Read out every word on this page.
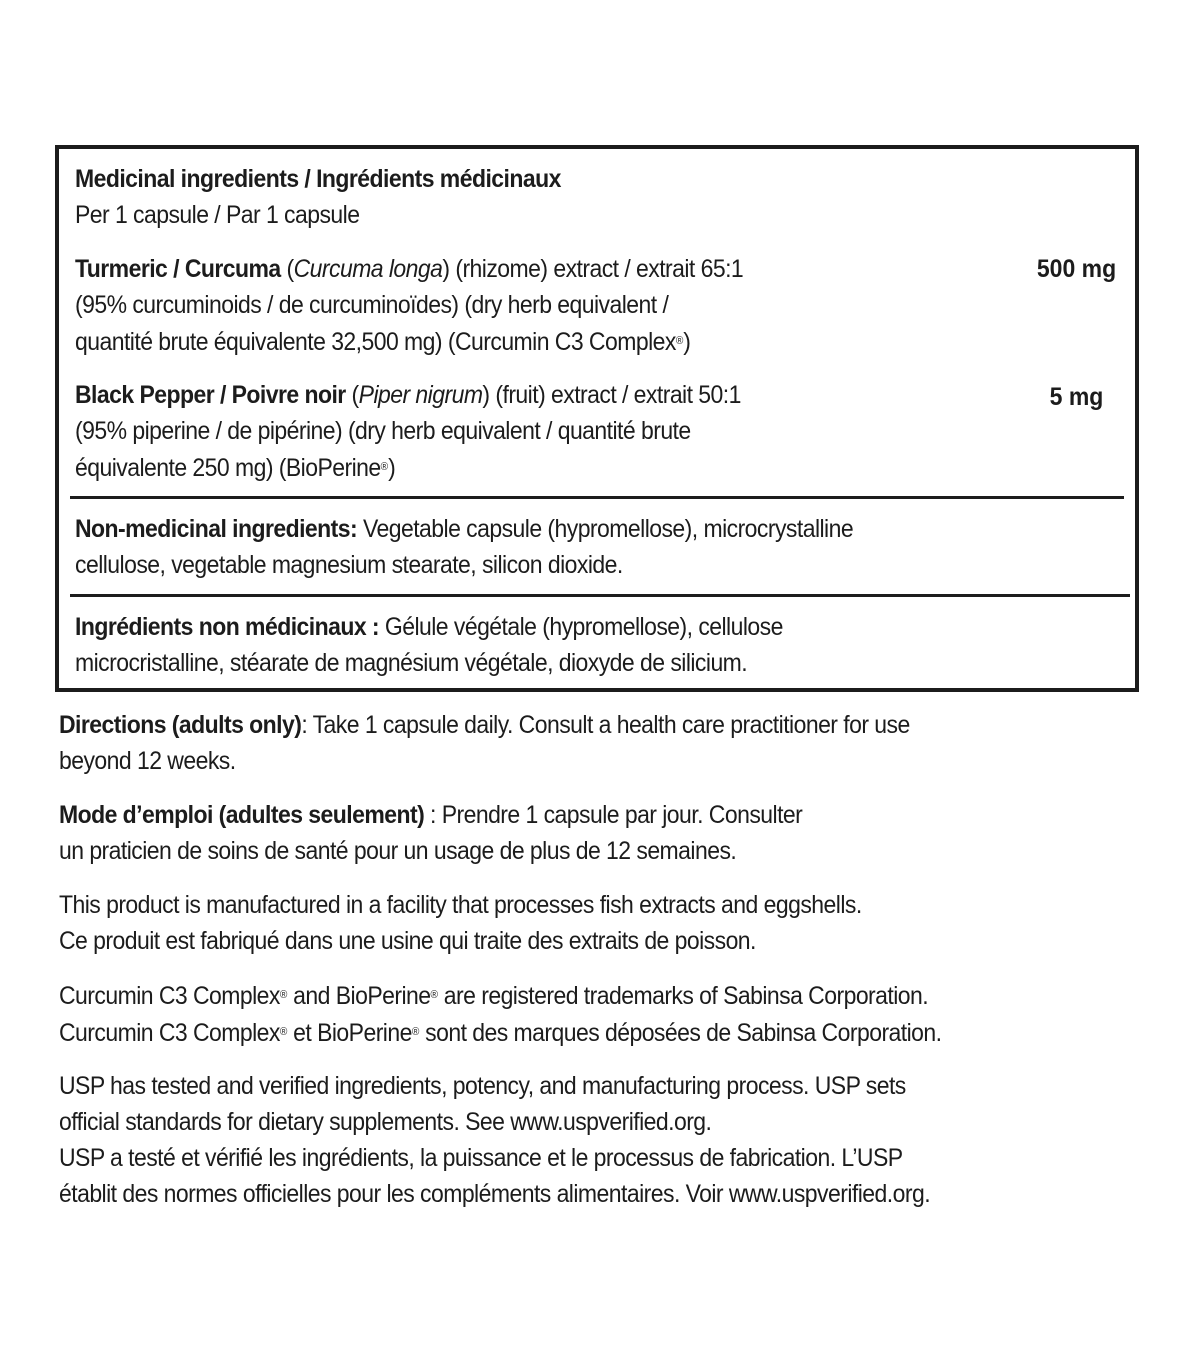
Medicinal ingredients / Ingrédients médicinaux
Per 1 capsule / Par 1 capsule
Turmeric / Curcuma (Curcuma longa) (rhizome) extract / extrait 65:1
(95% curcuminoids / de curcuminoïdes) (dry herb equivalent /
quantité brute équivalente 32,500 mg) (Curcumin C3 Complex®)
500 mg
Black Pepper / Poivre noir (Piper nigrum) (fruit) extract / extrait 50:1
(95% piperine / de pipérine) (dry herb equivalent / quantité brute
équivalente 250 mg) (BioPerine®)
5 mg
Non-medicinal ingredients: Vegetable capsule (hypromellose), microcrystalline
cellulose, vegetable magnesium stearate, silicon dioxide.
Ingrédients non médicinaux : Gélule végétale (hypromellose), cellulose
microcristalline, stéarate de magnésium végétale, dioxyde de silicium.
Directions (adults only): Take 1 capsule daily. Consult a health care practitioner for use
beyond 12 weeks.
Mode d’emploi (adultes seulement) : Prendre 1 capsule par jour. Consulter
un praticien de soins de santé pour un usage de plus de 12 semaines.
This product is manufactured in a facility that processes fish extracts and eggshells.
Ce produit est fabriqué dans une usine qui traite des extraits de poisson.
Curcumin C3 Complex® and BioPerine® are registered trademarks of Sabinsa Corporation.
Curcumin C3 Complex® et BioPerine® sont des marques déposées de Sabinsa Corporation.
USP has tested and verified ingredients, potency, and manufacturing process. USP sets
official standards for dietary supplements. See www.uspverified.org.
USP a testé et vérifié les ingrédients, la puissance et le processus de fabrication. L’USP
établit des normes officielles pour les compléments alimentaires. Voir www.uspverified.org.
